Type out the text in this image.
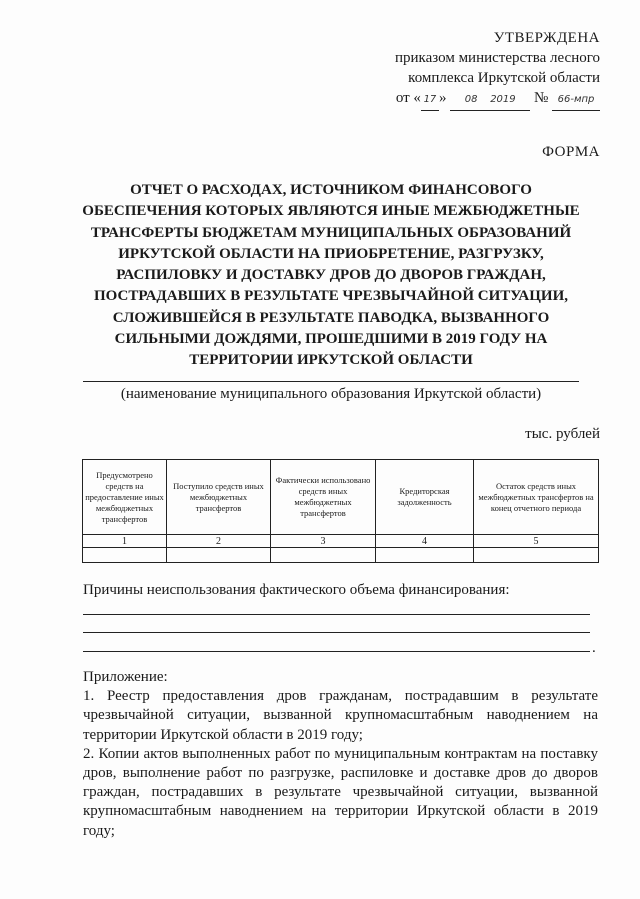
УТВЕРЖДЕНА
приказом министерства лесного
комплекса Иркутской области
от « 17 » 08 2019 № 66-мпр
ФОРМА
ОТЧЕТ О РАСХОДАХ, ИСТОЧНИКОМ ФИНАНСОВОГО
ОБЕСПЕЧЕНИЯ КОТОРЫХ ЯВЛЯЮТСЯ ИНЫЕ МЕЖБЮДЖЕТНЫЕ
ТРАНСФЕРТЫ БЮДЖЕТАМ МУНИЦИПАЛЬНЫХ ОБРАЗОВАНИЙ
ИРКУТСКОЙ ОБЛАСТИ НА ПРИОБРЕТЕНИЕ, РАЗГРУЗКУ,
РАСПИЛОВКУ И ДОСТАВКУ ДРОВ ДО ДВОРОВ ГРАЖДАН,
ПОСТРАДАВШИХ В РЕЗУЛЬТАТЕ ЧРЕЗВЫЧАЙНОЙ СИТУАЦИИ,
СЛОЖИВШЕЙСЯ В РЕЗУЛЬТАТЕ ПАВОДКА, ВЫЗВАННОГО
СИЛЬНЫМИ ДОЖДЯМИ, ПРОШЕДШИМИ В 2019 ГОДУ НА
ТЕРРИТОРИИ ИРКУТСКОЙ ОБЛАСТИ
(наименование муниципального образования Иркутской области)
тыс. рублей
Предусмотрено средств на предоставление иных межбюджетных трансфертов	Поступило средств иных межбюджетных трансфертов	Фактически использовано средств иных межбюджетных трансфертов	Кредиторская задолженность	Остаток средств иных межбюджетных трансфертов на конец отчетного периода
1	2	3	4	5

Причины неиспользования фактического объема финансирования:
.

Приложение:

1. Реестр предоставления дров гражданам, пострадавшим в результате чрезвычайной ситуации, вызванной крупномасштабным наводнением на территории Иркутской области в 2019 году;

2. Копии актов выполненных работ по муниципальным контрактам на поставку дров, выполнение работ по разгрузке, распиловке и доставке дров до дворов граждан, пострадавших в результате чрезвычайной ситуации, вызванной крупномасштабным наводнением на территории Иркутской области в 2019 году;
